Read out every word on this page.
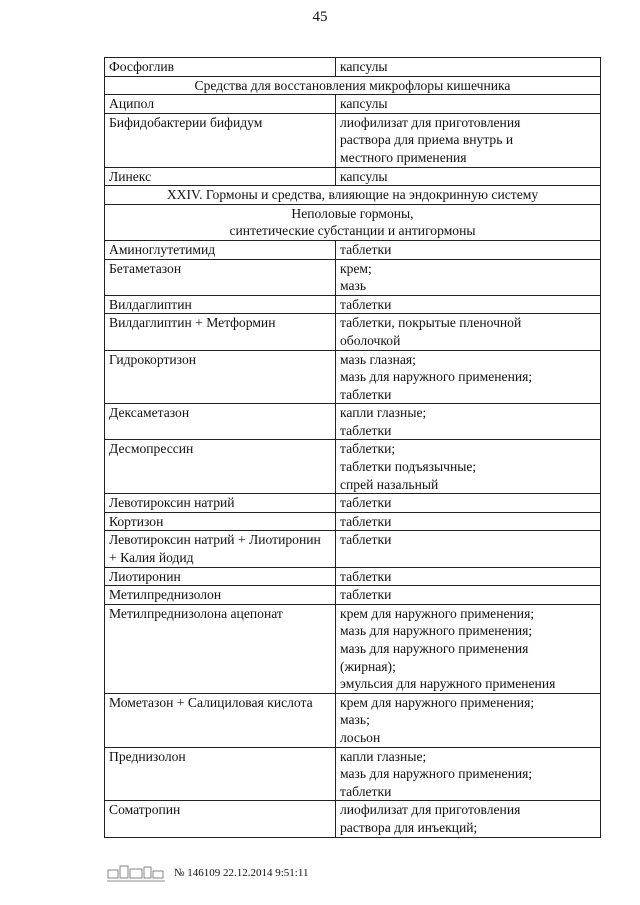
45
Фосфоглив	капсулы

Средства для восстановления микрофлоры кишечника	

Аципол	капсулы

Бифидобактерии бифидум	лиофилизат для приготовления
раствора для приема внутрь и
местного применения

Линекс	капсулы

XXIV. Гормоны и средства, влияющие на эндокринную систему	

Неполовые гормоны,
синтетические субстанции и антигормоны	

Аминоглутетимид	таблетки

Бетаметазон	крем;
мазь

Вилдаглиптин	таблетки

Вилдаглиптин + Метформин	таблетки, покрытые пленочной
оболочкой

Гидрокортизон	мазь глазная;
мазь для наружного применения;
таблетки

Дексаметазон	капли глазные;
таблетки

Десмопрессин	таблетки;
таблетки подъязычные;
спрей назальный

Левотироксин натрий	таблетки

Кортизон	таблетки

Левотироксин натрий + Лиотиронин + Калия йодид	таблетки

Лиотиронин	таблетки

Метилпреднизолон	таблетки

Метилпреднизолона ацепонат	крем для наружного применения;
мазь для наружного применения;
мазь для наружного применения
(жирная);
эмульсия для наружного применения

Мометазон + Салициловая кислота	крем для наружного применения;
мазь;
лосьон

Преднизолон	капли глазные;
мазь для наружного применения;
таблетки

Соматропин	лиофилизат для приготовления
раствора для инъекций;
№ 146109 22.12.2014 9:51:11
